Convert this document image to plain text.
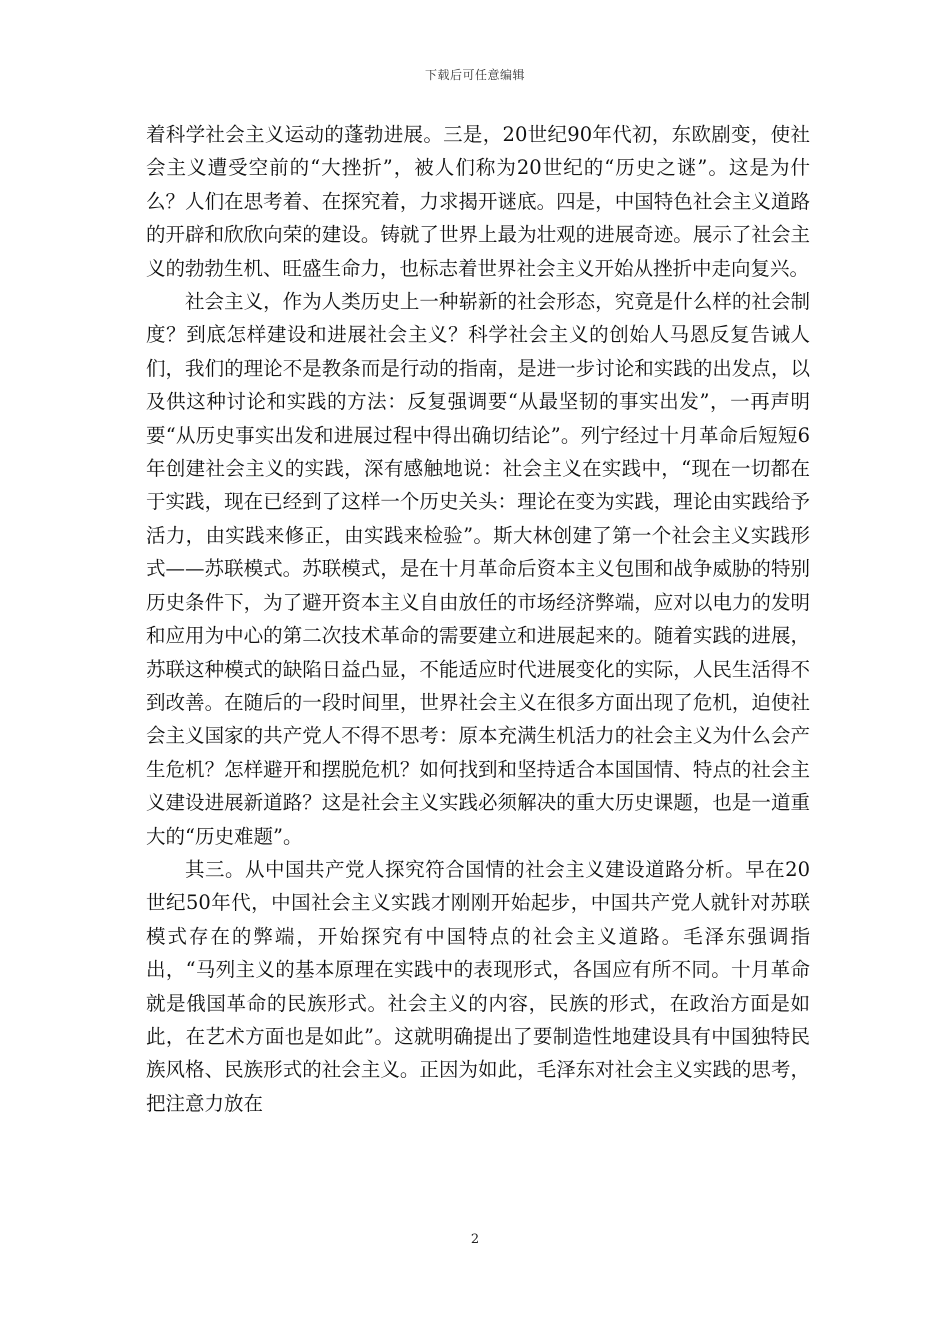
下载后可任意编辑

着科学社会主义运动的蓬勃进展。三是，20世纪90年代初，东欧剧变，使社会主义遭受空前的“大挫折”，被人们称为20世纪的“历史之谜”。这是为什么？人们在思考着、在探究着，力求揭开谜底。四是，中国特色社会主义道路的开辟和欣欣向荣的建设。铸就了世界上最为壮观的进展奇迹。展示了社会主义的勃勃生机、旺盛生命力，也标志着世界社会主义开始从挫折中走向复兴。

社会主义，作为人类历史上一种崭新的社会形态，究竟是什么样的社会制度？到底怎样建设和进展社会主义？科学社会主义的创始人马恩反复告诫人们，我们的理论不是教条而是行动的指南，是进一步讨论和实践的出发点，以及供这种讨论和实践的方法：反复强调要“从最坚韧的事实出发”，一再声明要“从历史事实出发和进展过程中得出确切结论”。列宁经过十月革命后短短6年创建社会主义的实践，深有感触地说：社会主义在实践中，“现在一切都在于实践，现在已经到了这样一个历史关头：理论在变为实践，理论由实践给予活力，由实践来修正，由实践来检验”。斯大林创建了第一个社会主义实践形式——苏联模式。苏联模式，是在十月革命后资本主义包围和战争威胁的特别历史条件下，为了避开资本主义自由放任的市场经济弊端，应对以电力的发明和应用为中心的第二次技术革命的需要建立和进展起来的。随着实践的进展，苏联这种模式的缺陷日益凸显，不能适应时代进展变化的实际，人民生活得不到改善。在随后的一段时间里，世界社会主义在很多方面出现了危机，迫使社会主义国家的共产党人不得不思考：原本充满生机活力的社会主义为什么会产生危机？怎样避开和摆脱危机？如何找到和坚持适合本国国情、特点的社会主义建设进展新道路？这是社会主义实践必须解决的重大历史课题，也是一道重大的“历史难题”。

其三。从中国共产党人探究符合国情的社会主义建设道路分析。早在20世纪50年代，中国社会主义实践才刚刚开始起步，中国共产党人就针对苏联模式存在的弊端，开始探究有中国特点的社会主义道路。毛泽东强调指出，“马列主义的基本原理在实践中的表现形式，各国应有所不同。十月革命就是俄国革命的民族形式。社会主义的内容，民族的形式，在政治方面是如此，在艺术方面也是如此”。这就明确提出了要制造性地建设具有中国独特民族风格、民族形式的社会主义。正因为如此，毛泽东对社会主义实践的思考，把注意力放在

2
